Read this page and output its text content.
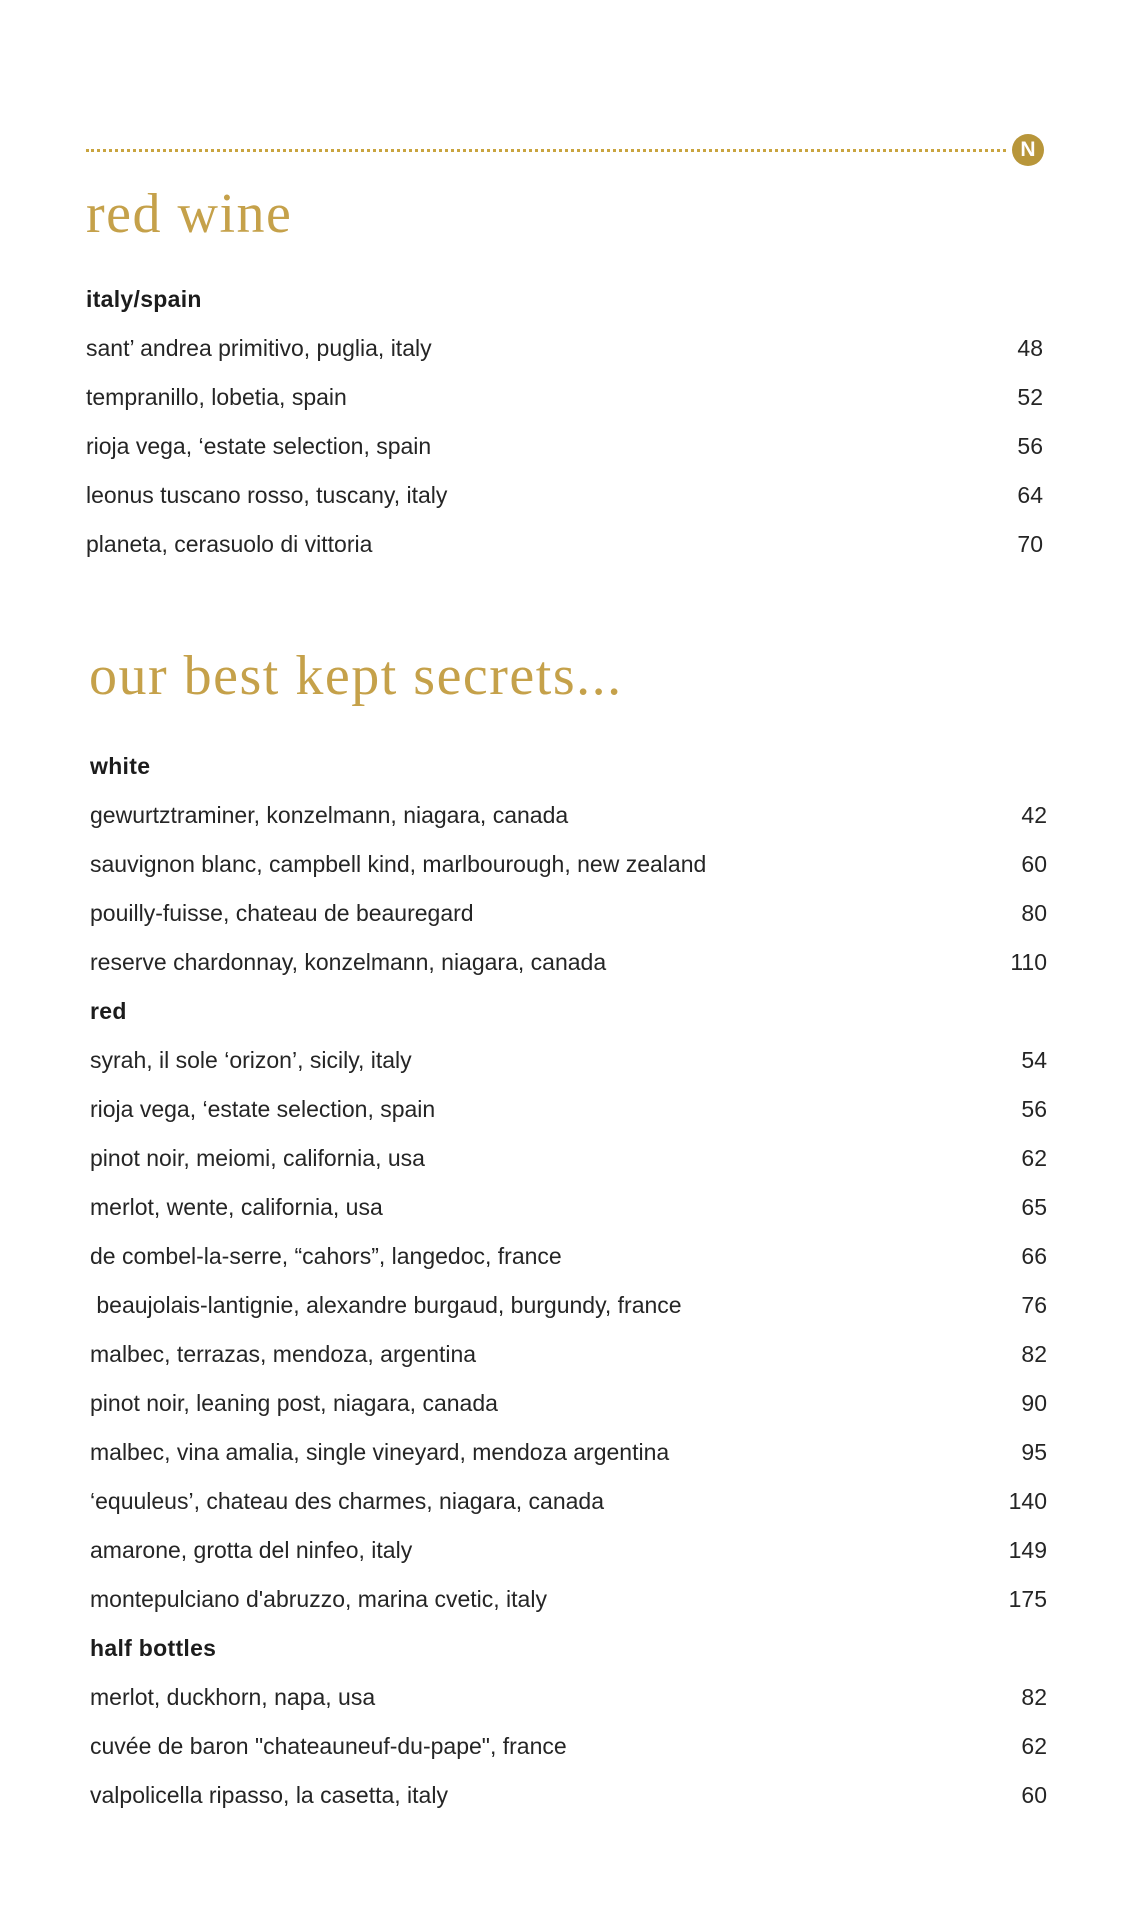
N
red wine
italy/spain
sant’ andrea primitivo, puglia, italy	48
tempranillo, lobetia, spain	52
rioja vega, ‘estate selection, spain	56
leonus tuscano rosso, tuscany, italy	64
planeta, cerasuolo di vittoria	70
our best kept secrets...
white
gewurtztraminer, konzelmann, niagara, canada	42
sauvignon blanc, campbell kind, marlbourough, new zealand	60
pouilly-fuisse, chateau de beauregard	80
reserve chardonnay, konzelmann, niagara, canada	110
red
syrah, il sole ‘orizon’, sicily, italy	54
rioja vega, ‘estate selection, spain	56
pinot noir, meiomi, california, usa	62
merlot, wente, california, usa	65
de combel-la-serre, “cahors”, langedoc, france	66
beaujolais-lantignie, alexandre burgaud, burgundy, france	76
malbec, terrazas, mendoza, argentina	82
pinot noir, leaning post, niagara, canada	90
malbec, vina amalia, single vineyard, mendoza argentina	95
‘equuleus’, chateau des charmes, niagara, canada	140
amarone, grotta del ninfeo, italy	149
montepulciano d'abruzzo, marina cvetic, italy	175
half bottles
merlot, duckhorn, napa, usa	82
cuvée de baron "chateauneuf-du-pape", france	62
valpolicella ripasso, la casetta, italy	60
